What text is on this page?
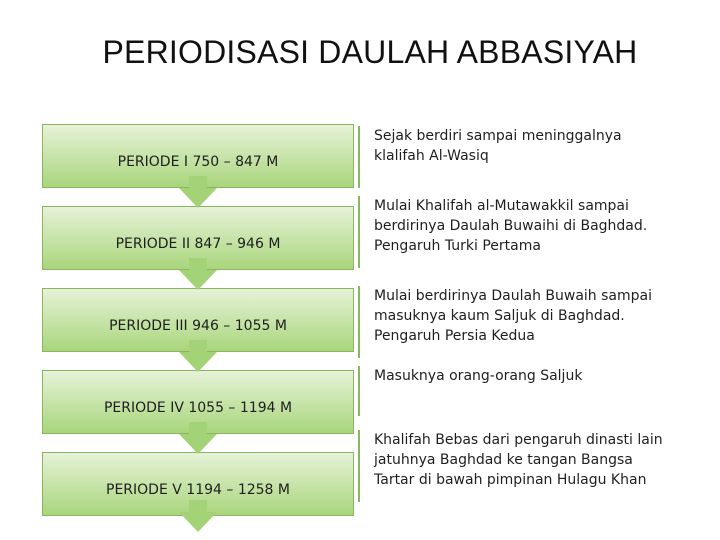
PERIODISASI DAULAH ABBASIYAH
PERIODE I 750 – 847 M
PERIODE II 847 – 946 M
PERIODE III 946 – 1055 M
PERIODE IV 1055 – 1194 M
PERIODE V 1194 – 1258 M
Sejak berdiri sampai meninggalnya
klalifah Al-Wasiq
Mulai Khalifah al-Mutawakkil sampai
berdirinya Daulah Buwaihi di Baghdad.
Pengaruh Turki Pertama
Mulai berdirinya Daulah Buwaih sampai
masuknya kaum Saljuk di Baghdad.
Pengaruh Persia Kedua
Masuknya orang-orang Saljuk
Khalifah Bebas dari pengaruh dinasti lain
jatuhnya Baghdad ke tangan Bangsa
Tartar di bawah pimpinan Hulagu Khan
